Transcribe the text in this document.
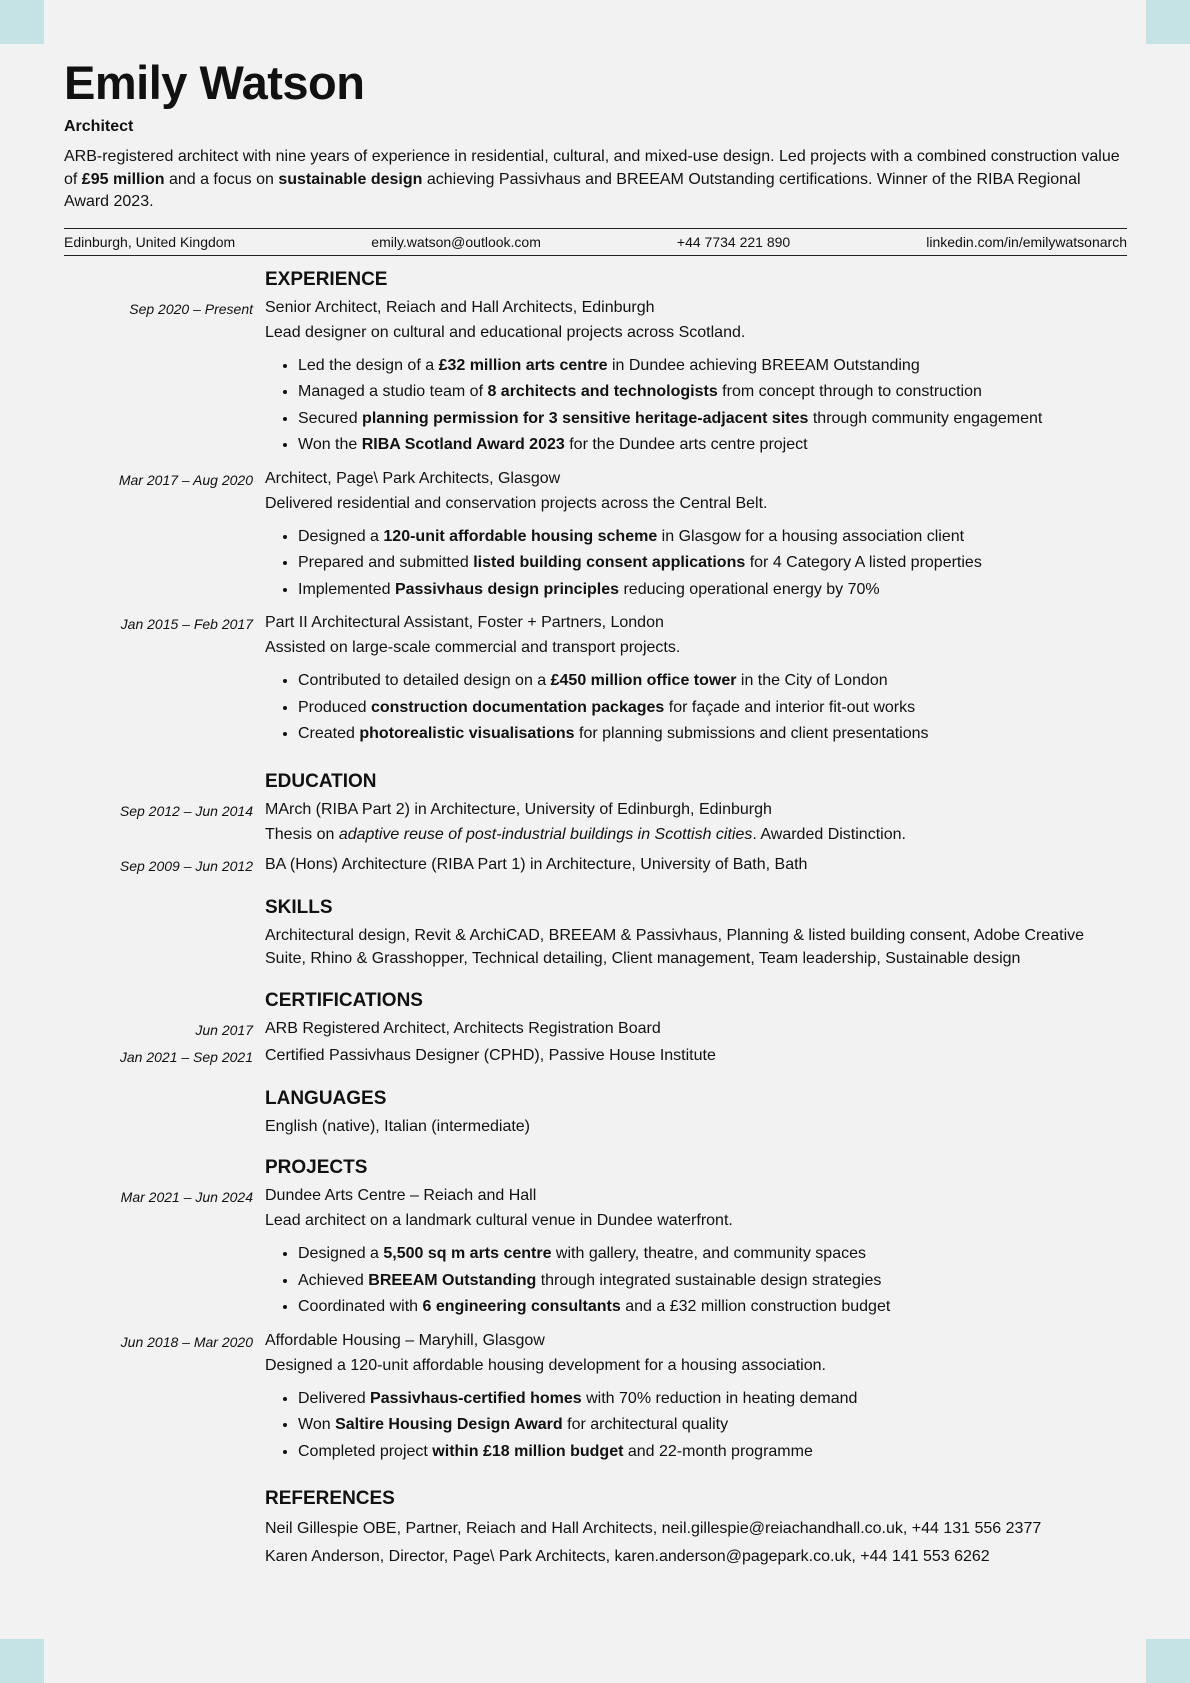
Emily Watson
Architect
ARB-registered architect with nine years of experience in residential, cultural, and mixed-use design. Led projects with a combined construction value of £95 million and a focus on sustainable design achieving Passivhaus and BREEAM Outstanding certifications. Winner of the RIBA Regional Award 2023.
Edinburgh, United Kingdom	emily.watson@outlook.com	+44 7734 221 890	linkedin.com/in/emilywatsonarch
EXPERIENCE
Sep 2020 – Present Senior Architect, Reiach and Hall Architects, Edinburgh
Lead designer on cultural and educational projects across Scotland.
• Led the design of a £32 million arts centre in Dundee achieving BREEAM Outstanding
• Managed a studio team of 8 architects and technologists from concept through to construction
• Secured planning permission for 3 sensitive heritage-adjacent sites through community engagement
• Won the RIBA Scotland Award 2023 for the Dundee arts centre project
Mar 2017 – Aug 2020 Architect, Page\ Park Architects, Glasgow
Delivered residential and conservation projects across the Central Belt.
• Designed a 120-unit affordable housing scheme in Glasgow for a housing association client
• Prepared and submitted listed building consent applications for 4 Category A listed properties
• Implemented Passivhaus design principles reducing operational energy by 70%
Jan 2015 – Feb 2017 Part II Architectural Assistant, Foster + Partners, London
Assisted on large-scale commercial and transport projects.
• Contributed to detailed design on a £450 million office tower in the City of London
• Produced construction documentation packages for façade and interior fit-out works
• Created photorealistic visualisations for planning submissions and client presentations
EDUCATION
Sep 2012 – Jun 2014 MArch (RIBA Part 2) in Architecture, University of Edinburgh, Edinburgh
Thesis on adaptive reuse of post-industrial buildings in Scottish cities. Awarded Distinction.
Sep 2009 – Jun 2012 BA (Hons) Architecture (RIBA Part 1) in Architecture, University of Bath, Bath
SKILLS
Architectural design, Revit & ArchiCAD, BREEAM & Passivhaus, Planning & listed building consent, Adobe Creative Suite, Rhino & Grasshopper, Technical detailing, Client management, Team leadership, Sustainable design
CERTIFICATIONS
Jun 2017 ARB Registered Architect, Architects Registration Board
Jan 2021 – Sep 2021 Certified Passivhaus Designer (CPHD), Passive House Institute
LANGUAGES
English (native), Italian (intermediate)
PROJECTS
Mar 2021 – Jun 2024 Dundee Arts Centre – Reiach and Hall
Lead architect on a landmark cultural venue in Dundee waterfront.
• Designed a 5,500 sq m arts centre with gallery, theatre, and community spaces
• Achieved BREEAM Outstanding through integrated sustainable design strategies
• Coordinated with 6 engineering consultants and a £32 million construction budget
Jun 2018 – Mar 2020 Affordable Housing – Maryhill, Glasgow
Designed a 120-unit affordable housing development for a housing association.
• Delivered Passivhaus-certified homes with 70% reduction in heating demand
• Won Saltire Housing Design Award for architectural quality
• Completed project within £18 million budget and 22-month programme
REFERENCES
Neil Gillespie OBE, Partner, Reiach and Hall Architects, neil.gillespie@reiachandhall.co.uk, +44 131 556 2377
Karen Anderson, Director, Page\ Park Architects, karen.anderson@pagepark.co.uk, +44 141 553 6262
